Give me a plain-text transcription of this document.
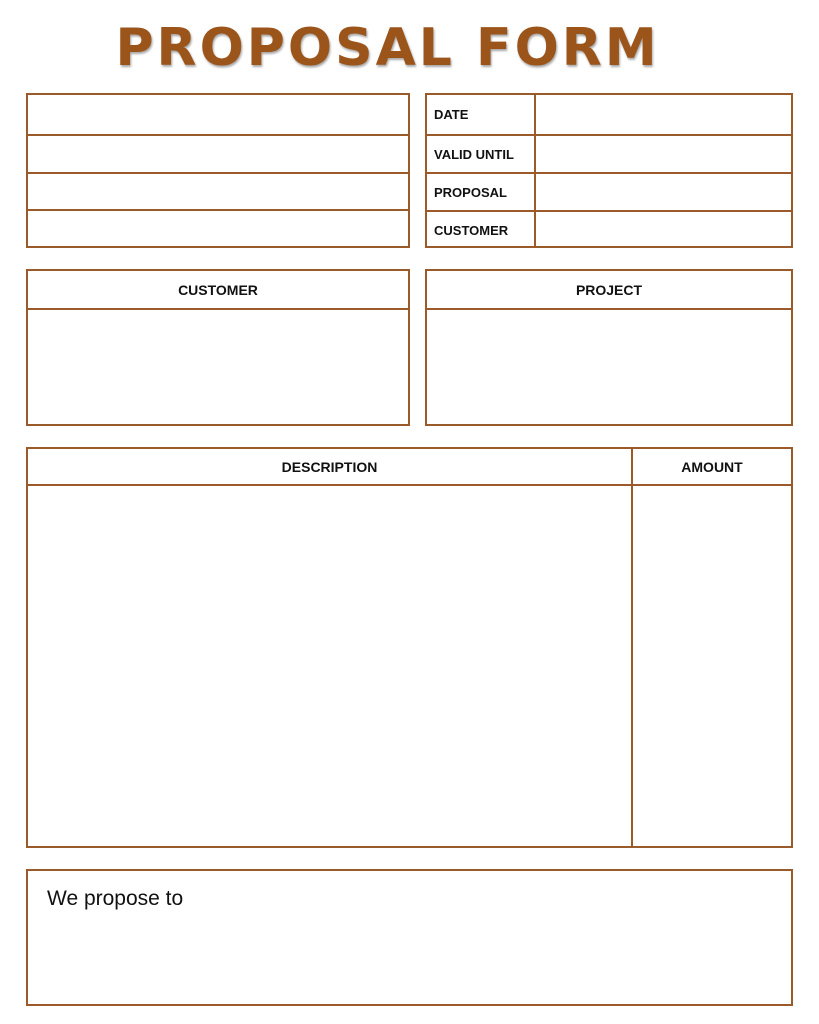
PROPOSAL FORM
DATE
VALID UNTIL
PROPOSAL
CUSTOMER
CUSTOMER	PROJECT
DESCRIPTION	AMOUNT
We propose to
